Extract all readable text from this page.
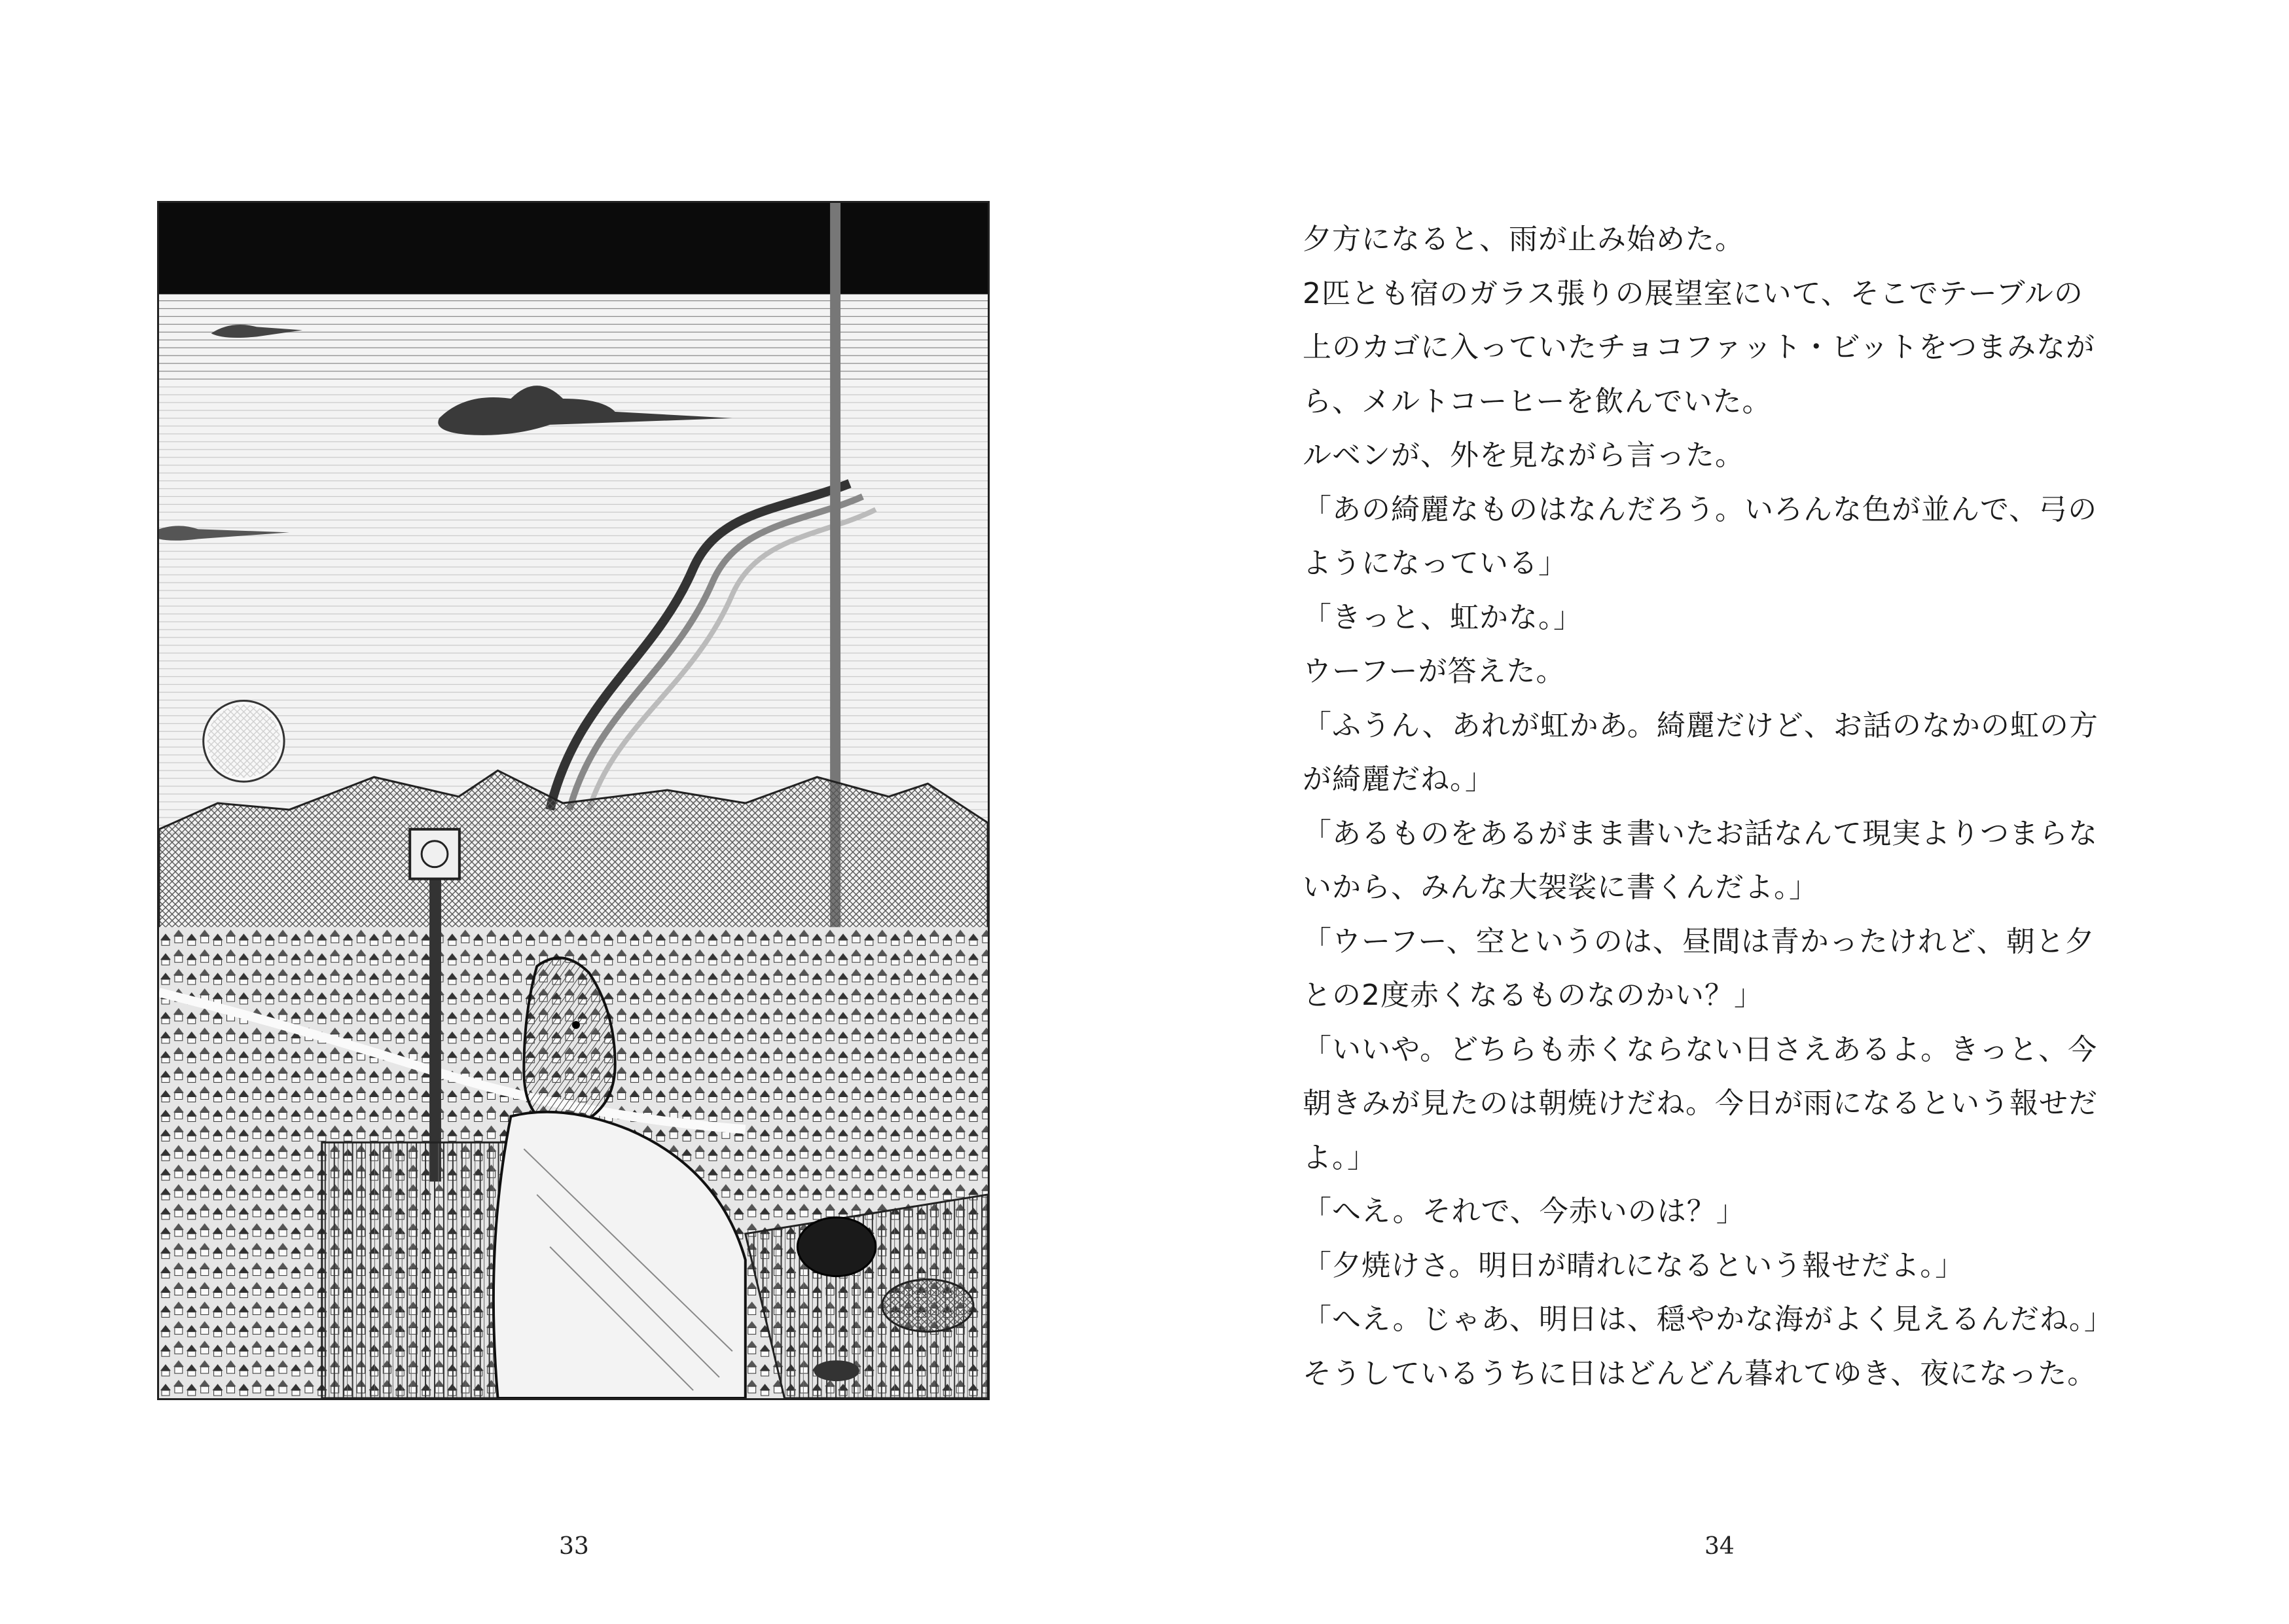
夕方になると、雨が止み始めた。
2匹とも宿のガラス張りの展望室にいて、そこでテーブルの
上のカゴに入っていたチョコファット・ビットをつまみなが
ら、メルトコーヒーを飲んでいた。
ルベンが、外を見ながら言った。
「あの綺麗なものはなんだろう。いろんな色が並んで、弓の
ようになっている」
「きっと、虹かな。」
ウーフーが答えた。
「ふうん、あれが虹かあ。綺麗だけど、お話のなかの虹の方
が綺麗だね。」
「あるものをあるがまま書いたお話なんて現実よりつまらな
いから、みんな大袈裟に書くんだよ。」
「ウーフー、空というのは、昼間は青かったけれど、朝と夕
との2度赤くなるものなのかい？」
「いいや。どちらも赤くならない日さえあるよ。きっと、今
朝きみが見たのは朝焼けだね。今日が雨になるという報せだ
よ。」
「へえ。それで、今赤いのは？」
「夕焼けさ。明日が晴れになるという報せだよ。」
「へえ。じゃあ、明日は、穏やかな海がよく見えるんだね。」
そうしているうちに日はどんどん暮れてゆき、夜になった。
33	34
